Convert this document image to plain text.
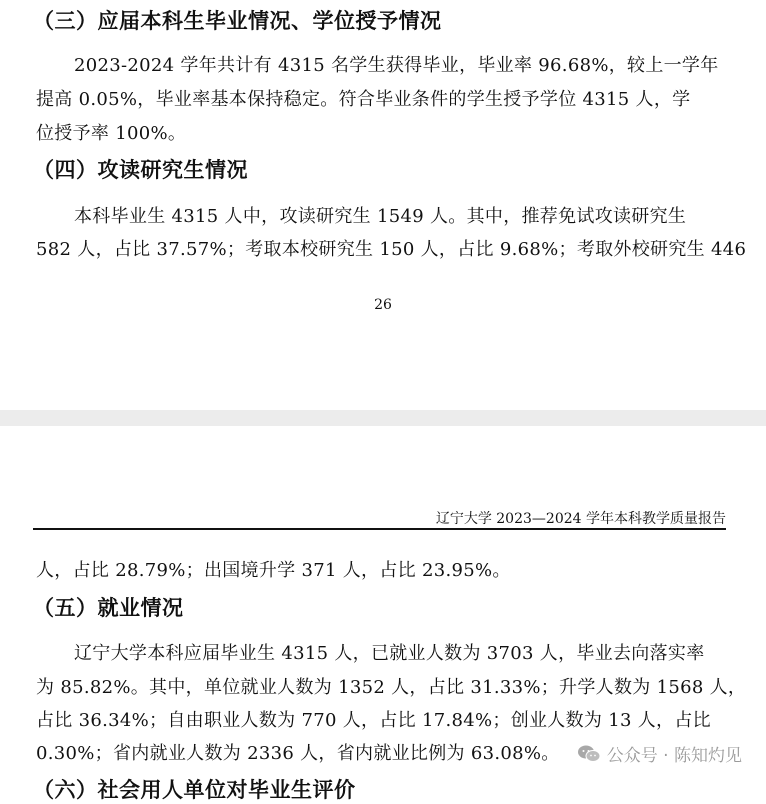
（三）应届本科生毕业情况、学位授予情况
2023-2024 学年共计有 4315 名学生获得毕业，毕业率 96.68%，较上一学年
提高 0.05%，毕业率基本保持稳定。符合毕业条件的学生授予学位 4315 人，学
位授予率 100%。
（四）攻读研究生情况
本科毕业生 4315 人中，攻读研究生 1549 人。其中，推荐免试攻读研究生
582 人，占比 37.57%；考取本校研究生 150 人，占比 9.68%；考取外校研究生 446
26
辽宁大学 2023—2024 学年本科教学质量报告
人，占比 28.79%；出国境升学 371 人，占比 23.95%。
（五）就业情况
辽宁大学本科应届毕业生 4315 人，已就业人数为 3703 人，毕业去向落实率
为 85.82%。其中，单位就业人数为 1352 人，占比 31.33%；升学人数为 1568 人，
占比 36.34%；自由职业人数为 770 人，占比 17.84%；创业人数为 13 人，占比
0.30%；省内就业人数为 2336 人，省内就业比例为 63.08%。
（六）社会用人单位对毕业生评价
公众号 · 陈知灼见
